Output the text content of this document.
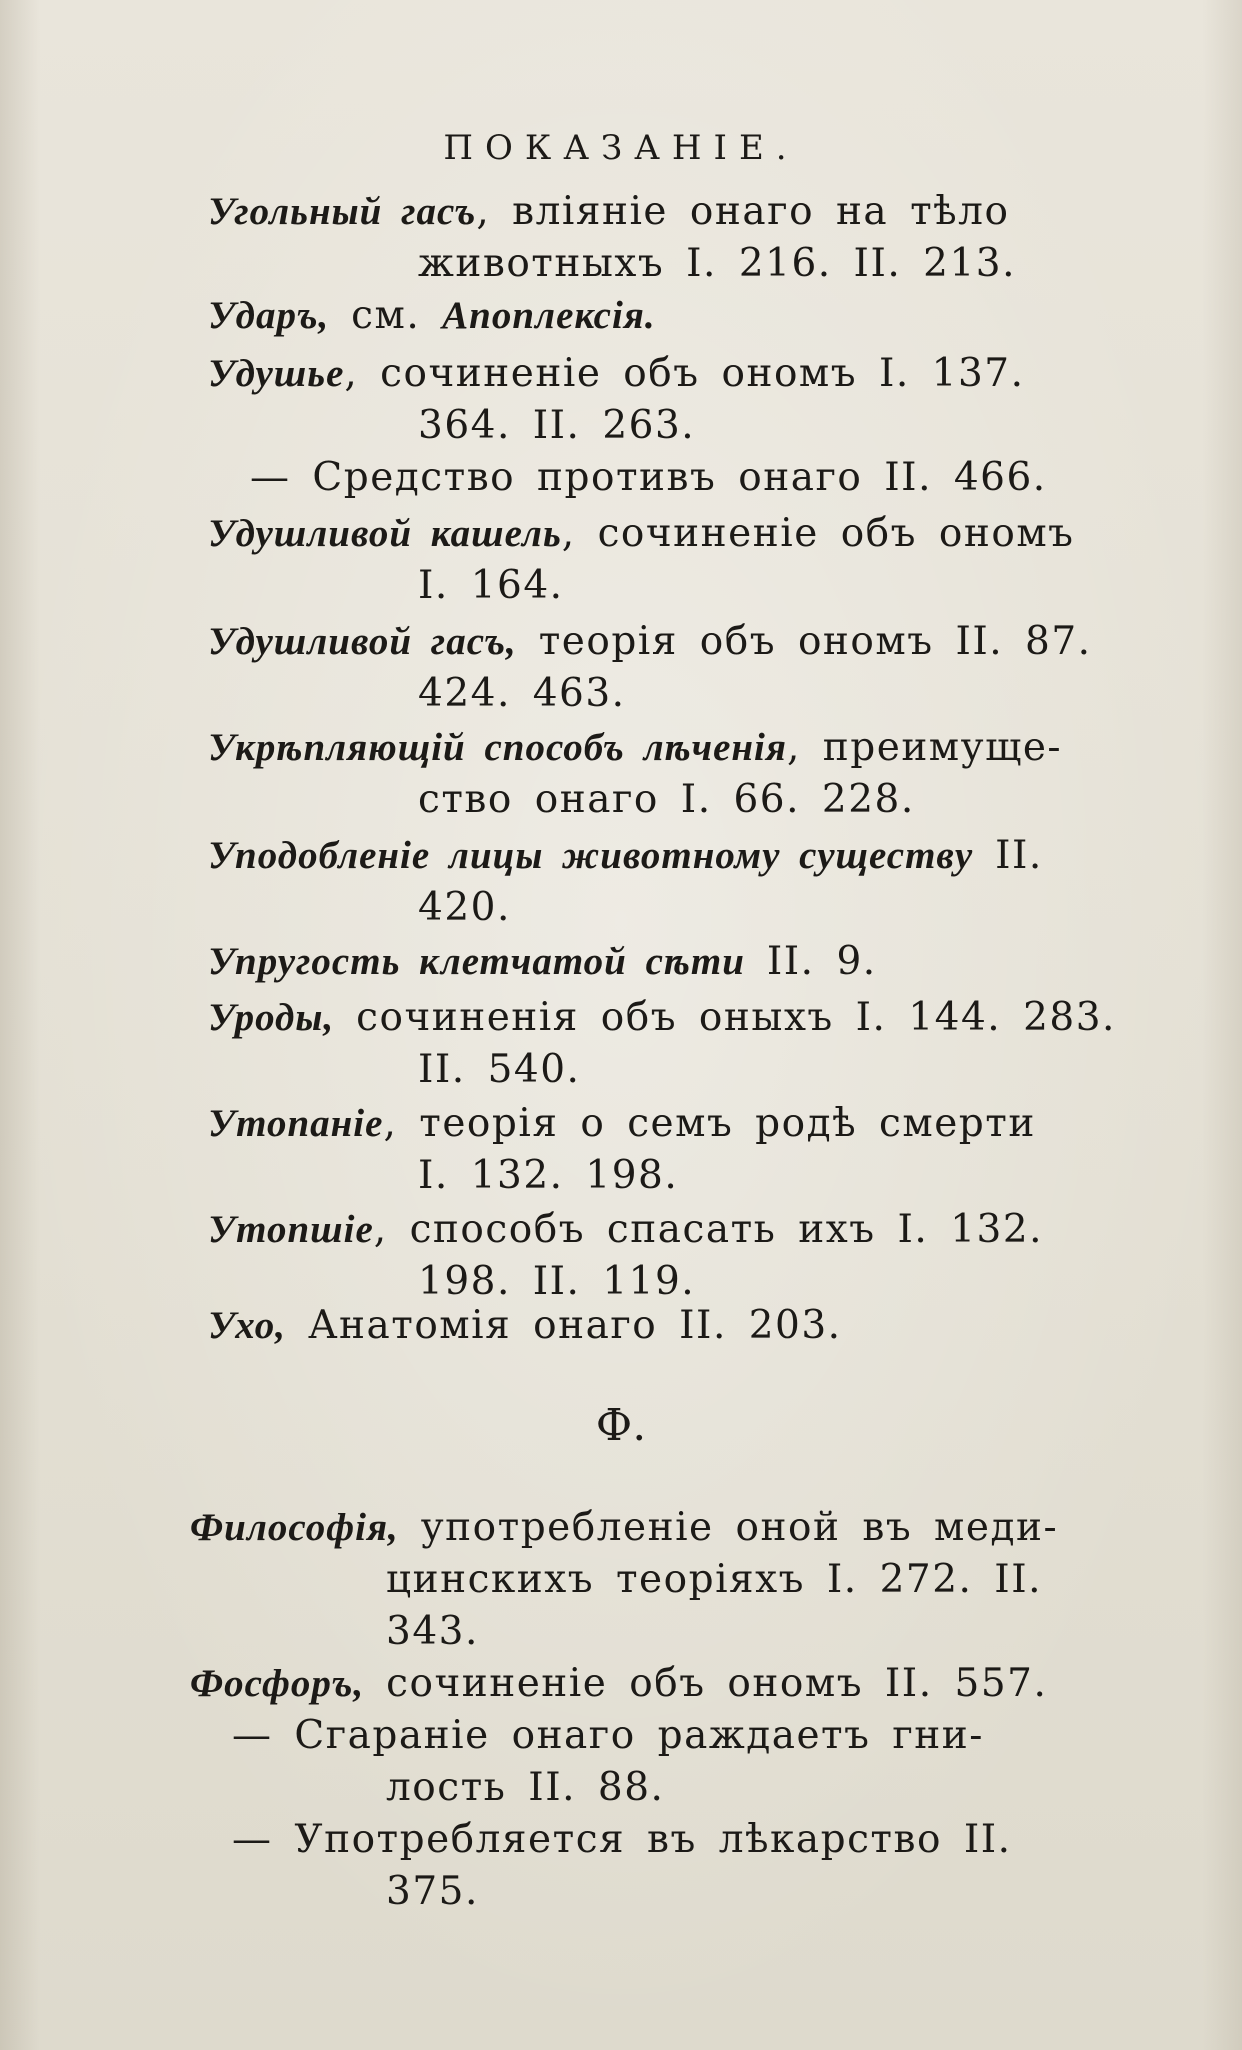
ПОКАЗАНІЕ.
Угольный гасъ, вліяніе онаго на тѣло
животныхъ I. 216. II. 213.
Ударъ, см. Апоплексія.
Удушье, сочиненіе объ ономъ I. 137.
364. II. 263.
— Средство противъ онаго II. 466.
Удушливой кашель, сочиненіе объ ономъ
I. 164.
Удушливой гасъ, теорія объ ономъ II. 87.
424. 463.
Укрѣпляющій способъ лѣченія, преимуще-
ство онаго I. 66. 228.
Уподобленіе лицы животному существу II.
420.
Упругость клетчатой сѣти II. 9.
Уроды, сочиненія объ оныхъ I. 144. 283.
II. 540.
Утопаніе, теорія о семъ родѣ смерти
I. 132. 198.
Утопшіе, способъ спасать ихъ I. 132.
198. II. 119.
Ухо, Анатомія онаго II. 203.
Ф.
Философія, употребленіе оной въ меди-
цинскихъ теоріяхъ I. 272. II.
343.
Фосфоръ, сочиненіе объ ономъ II. 557.
— Сгараніе онаго раждаетъ гни-
лость II. 88.
— Употребляется въ лѣкарство II.
375.
